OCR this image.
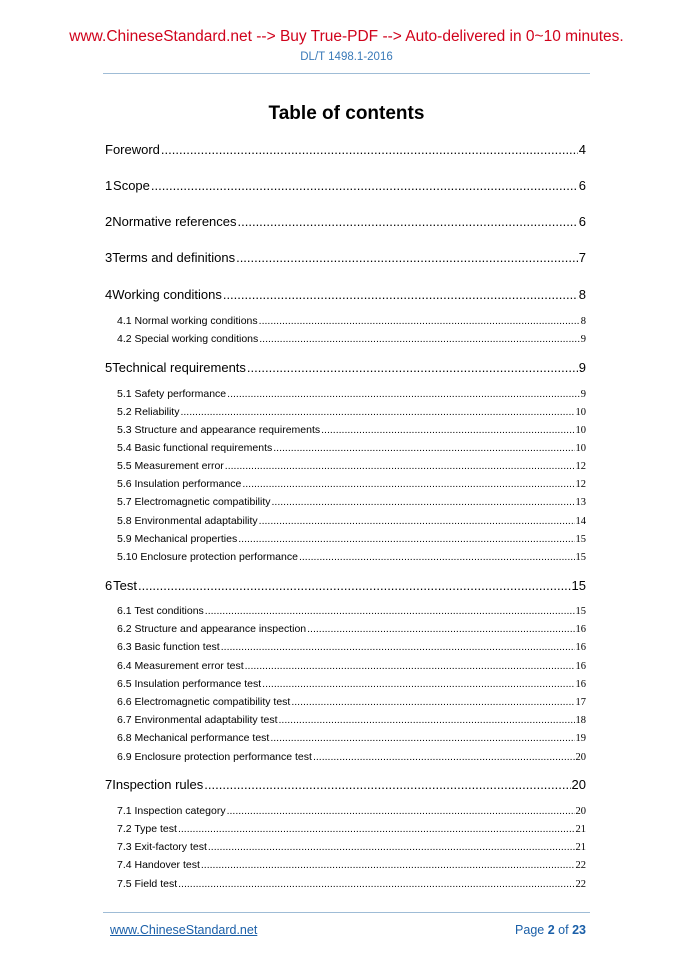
www.ChineseStandard.net --> Buy True-PDF --> Auto-delivered in 0~10 minutes.
DL/T 1498.1-2016
Table of contents
Foreword .....	4
1 Scope .....	6
2 Normative references .....	6
3 Terms and definitions .....	7
4 Working conditions .....	8
4.1 Normal working conditions .....	8
4.2 Special working conditions .....	9
5 Technical requirements .....	9
5.1 Safety performance .....	9
5.2 Reliability .....	10
5.3 Structure and appearance requirements .....	10
5.4 Basic functional requirements .....	10
5.5 Measurement error .....	12
5.6 Insulation performance .....	12
5.7 Electromagnetic compatibility .....	13
5.8 Environmental adaptability .....	14
5.9 Mechanical properties .....	15
5.10 Enclosure protection performance .....	15
6 Test .....	15
6.1 Test conditions .....	15
6.2 Structure and appearance inspection .....	16
6.3 Basic function test .....	16
6.4 Measurement error test .....	16
6.5 Insulation performance test .....	16
6.6 Electromagnetic compatibility test .....	17
6.7 Environmental adaptability test .....	18
6.8 Mechanical performance test .....	19
6.9 Enclosure protection performance test .....	20
7 Inspection rules .....	20
7.1 Inspection category .....	20
7.2 Type test .....	21
7.3 Exit-factory test .....	21
7.4 Handover test .....	22
7.5 Field test .....	22
www.ChineseStandard.net	Page 2 of 23
